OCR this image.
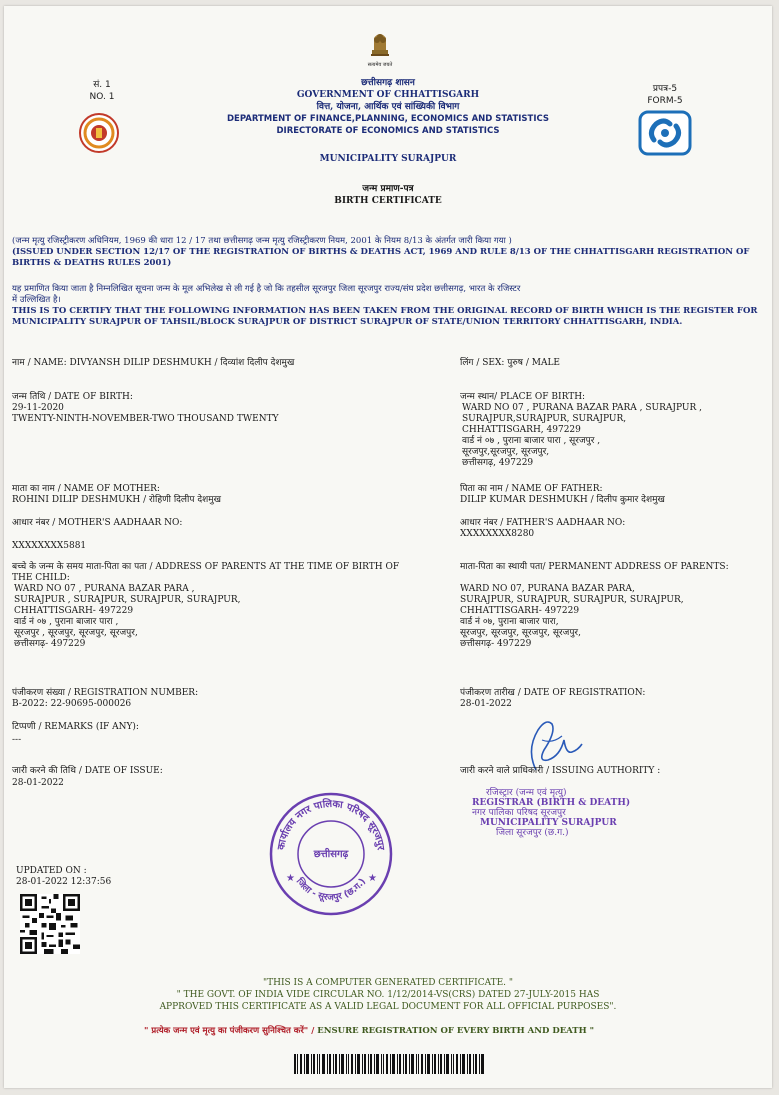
सत्यमेव जयते
सं. 1
NO. 1
प्रपत्र-5
FORM-5
छत्तीसगढ़ शासन
GOVERNMENT OF CHHATTISGARH
वित्त, योजना, आर्थिक एवं सांख्यिकी विभाग
DEPARTMENT OF FINANCE,PLANNING, ECONOMICS AND STATISTICS
DIRECTORATE OF ECONOMICS AND STATISTICS
MUNICIPALITY SURAJPUR
जन्म प्रमाण-पत्र
BIRTH CERTIFICATE
(जन्म मृत्यु रजिस्ट्रीकरण अधिनियम, 1969 की धारा 12 / 17 तथा छत्तीसगढ़ जन्म मृत्यु रजिस्ट्रीकरण नियम, 2001 के नियम 8/13 के अंतर्गत जारी किया गया )
(ISSUED UNDER SECTION 12/17 OF THE REGISTRATION OF BIRTHS & DEATHS ACT, 1969 AND RULE 8/13 OF THE CHHATTISGARH REGISTRATION OF
BIRTHS & DEATHS RULES 2001)
यह प्रमाणित किया जाता है निम्नलिखित सूचना जन्म के मूल अभिलेख से ली गई है जो कि तहसील सूरजपुर जिला सूरजपुर राज्य/संघ प्रदेश छत्तीसगढ़, भारत के रजिस्टर
में उल्लिखित है।
THIS IS TO CERTIFY THAT THE FOLLOWING INFORMATION HAS BEEN TAKEN FROM THE ORIGINAL RECORD OF BIRTH WHICH IS THE REGISTER FOR
MUNICIPALITY SURAJPUR OF TAHSIL/BLOCK SURAJPUR OF DISTRICT SURAJPUR OF STATE/UNION TERRITORY CHHATTISGARH, INDIA.
नाम / NAME: DIVYANSH DILIP DESHMUKH / दिव्यांश दिलीप देशमुख	लिंग / SEX: पुरुष / MALE
जन्म तिथि / DATE OF BIRTH:
29-11-2020
TWENTY-NINTH-NOVEMBER-TWO THOUSAND TWENTY
जन्म स्थान/ PLACE OF BIRTH:
WARD NO 07 , PURANA BAZAR PARA , SURAJPUR ,
SURAJPUR,SURAJPUR, SURAJPUR,
CHHATTISGARH, 497229
वार्ड नं ०७ , पुराना बाजार पारा , सूरजपुर ,
सूरजपुर,सूरजपुर, सूरजपुर,
छत्तीसगढ़, 497229
माता का नाम / NAME OF MOTHER:
ROHINI DILIP DESHMUKH / रोहिणी दिलीप देशमुख
पिता का नाम / NAME OF FATHER:
DILIP KUMAR DESHMUKH / दिलीप कुमार देशमुख
आधार नंबर / MOTHER'S AADHAAR NO:
XXXXXXXX5881
आधार नंबर / FATHER'S AADHAAR NO:
XXXXXXXX8280
बच्चे के जन्म के समय माता-पिता का पता / ADDRESS OF PARENTS AT THE TIME OF BIRTH OF
THE CHILD:
WARD NO 07 , PURANA BAZAR PARA ,
SURAJPUR , SURAJPUR, SURAJPUR, SURAJPUR,
CHHATTISGARH- 497229
वार्ड नं ०७ , पुराना बाजार पारा ,
सूरजपुर , सूरजपुर, सूरजपुर, सूरजपुर,
छत्तीसगढ़- 497229
माता-पिता का स्थायी पता/ PERMANENT ADDRESS OF PARENTS:
WARD NO 07, PURANA BAZAR PARA,
SURAJPUR, SURAJPUR, SURAJPUR, SURAJPUR,
CHHATTISGARH- 497229
वार्ड नं ०७, पुराना बाजार पारा,
सूरजपुर, सूरजपुर, सूरजपुर, सूरजपुर,
छत्तीसगढ़- 497229
पंजीकरण संख्या / REGISTRATION NUMBER:
B-2022: 22-90695-000026
पंजीकरण तारीख / DATE OF REGISTRATION:
28-01-2022
टिप्पणी / REMARKS (IF ANY):
---
जारी करने की तिथि / DATE OF ISSUE:
28-01-2022
जारी करने वाले प्राधिकारी / ISSUING AUTHORITY :
रजिस्ट्रार (जन्म एवं मृत्यु)
REGISTRAR (BIRTH & DEATH)
नगर पालिका परिषद सूरजपुर
MUNICIPALITY SURAJPUR
जिला सूरजपुर (छ.ग.)
कार्यालय नगर पालिका परिषद सूरजपुर
जिला - सूरजपुर (छ.ग.)
छत्तीसगढ़
★	★
UPDATED ON :
28-01-2022 12:37:56
"THIS IS A COMPUTER GENERATED CERTIFICATE. "
" THE GOVT. OF INDIA VIDE CIRCULAR NO. 1/12/2014-VS(CRS) DATED 27-JULY-2015 HAS
APPROVED THIS CERTIFICATE AS A VALID LEGAL DOCUMENT FOR ALL OFFICIAL PURPOSES".
" प्रत्येक जन्म एवं मृत्यु का पंजीकरण सुनिश्चित करें" / ENSURE REGISTRATION OF EVERY BIRTH AND DEATH "
